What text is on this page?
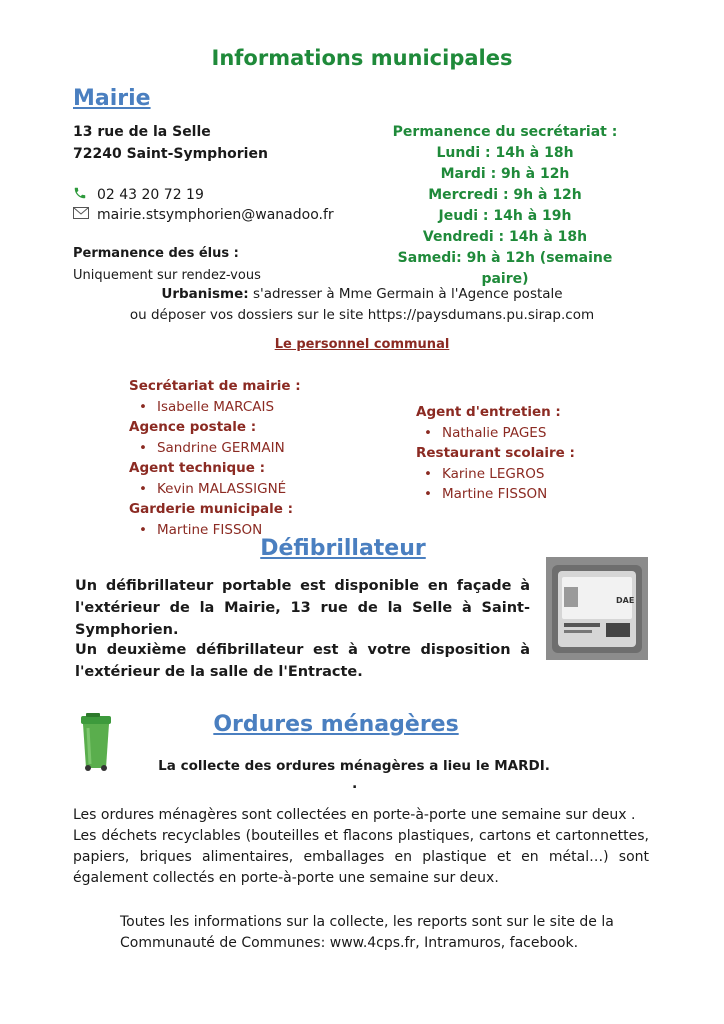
Informations municipales
Mairie
13 rue de la Selle
72240 Saint-Symphorien
02 43 20 72 19
mairie.stsymphorien@wanadoo.fr
Permanence des élus :
Uniquement sur rendez-vous
Permanence du secrétariat :
Lundi : 14h à 18h
Mardi : 9h à 12h
Mercredi : 9h à 12h
Jeudi : 14h à 19h
Vendredi : 14h à 18h
Samedi: 9h à 12h (semaine paire)
Urbanisme: s'adresser à Mme Germain à l'Agence postale
ou déposer vos dossiers sur le site https://paysdumans.pu.sirap.com
Le personnel communal
Secrétariat de mairie :
• Isabelle MARCAIS
Agence postale :
• Sandrine GERMAIN
Agent technique :
• Kevin MALASSIGNÉ
Garderie municipale :
• Martine FISSON
Agent d'entretien :
• Nathalie PAGES
Restaurant scolaire :
• Karine LEGROS
• Martine FISSON
Défibrillateur
Un défibrillateur portable est disponible en façade à l'extérieur de la Mairie, 13 rue de la Selle à Saint-Symphorien.
Un deuxième défibrillateur est à votre disposition à l'extérieur de la salle de l'Entracte.
DAE
Ordures ménagères
La collecte des ordures ménagères a lieu le MARDI.
.
Les ordures ménagères sont collectées en porte-à-porte une semaine sur deux .
Les déchets recyclables (bouteilles et flacons plastiques, cartons et cartonnettes, papiers, briques alimentaires, emballages en plastique et en métal…) sont également collectés en porte-à-porte une semaine sur deux.
Toutes les informations sur la collecte, les reports sont sur le site de la Communauté de Communes: www.4cps.fr, Intramuros, facebook.
